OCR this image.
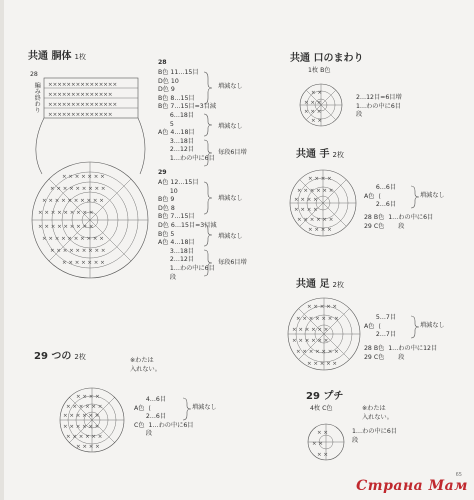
共通 胴体 1枚
28
編み終わり ×××××××××××××××
××××××××××××××
×××××××××××××××
××××××××××××××
× × × × × × ×
× × × × × × × × ×
× × × × × × × × × ×
× × × × × × × × ×
× × × × × × × × ×
× × × × × × × × × ×
× × × × × × × × ×
× × × × × × ×
28
B色 11…15目
D色 10
D色 9
B色 8…15目
B色 7…15目=3目減
6…18目
5
A色 4…18目
3…18目
2…12目
1…わの中に6目
増減なし
増減なし
毎段6目増
29
A色 12…15目
10
B色 9
D色 8
B色 7…15目
D色 6…15目=3目減
B色 5
A色 4…18目
3…18目
2…12目
1…わの中に6目
段
増減なし
増減なし
毎段6目増
29 つの 2枚	※わたは
入れない。
× × × ×
× × × × × ×
× × × × × ×
× × × × × ×
× × × × × ×
× × × ×
4…6目
A色  ⟨
2…6目
C色 1…わの中に6目
段
増減なし
共通 口のまわり
1枚 B色
× ×
× × ×
× × ×
× ×
2…12目=6目増
1…わの中に6目
段
共通 手 2枚
× × × ×
× × × × × ×
× × × ×
× × × ×
× × × × × ×
× × × ×
6…6目
A色  ⟨
2…6目
増減なし
28 B色 1…わの中に6目
29 C色 段
共通 足 2枚
× × × × ×
× × × × × × ×
× × × × × ×
× × × × × ×
× × × × × × ×
× × × × ×
5…7目
A色  ⟨
2…7目
増減なし
28 B色 1…わの中に12目
29 C色 段
29 プチ
4枚 C色	※わたは
入れない。
× ×
× ×
× ×
1…わの中に6目
段
65
Страна Мам
